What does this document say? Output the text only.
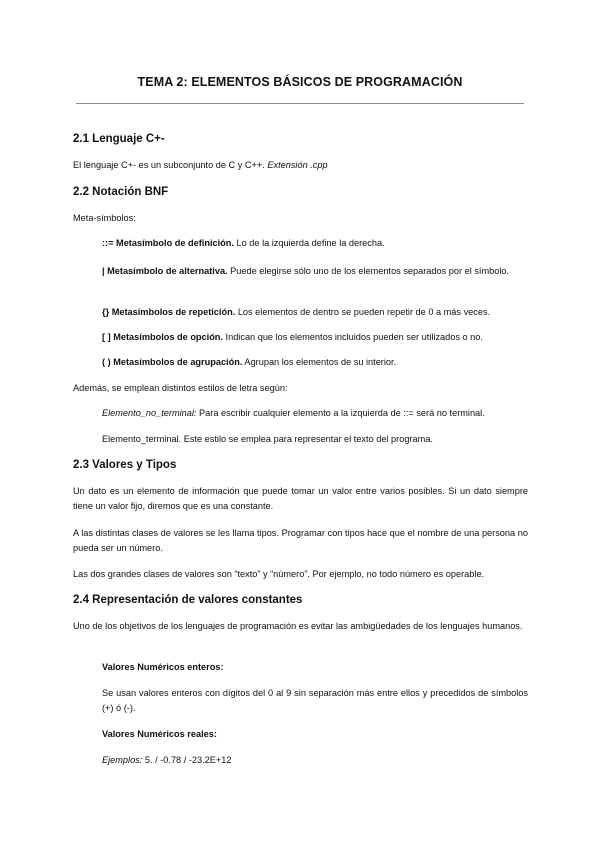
TEMA 2: ELEMENTOS BÁSICOS DE PROGRAMACIÓN
2.1 Lenguaje C+-
El lenguaje C+- es un subconjunto de C y C++. Extensión .cpp
2.2 Notación BNF
Meta-símbolos:
::= Metasímbolo de definición. Lo de la izquierda define la derecha.
| Metasímbolo de alternativa. Puede elegirse sólo uno de los elementos separados por el símbolo.
{} Metasímbolos de repetición. Los elementos de dentro se pueden repetir de 0 a más veces.
[ ] Metasímbolos de opción. Indican que los elementos incluidos pueden ser utilizados o no.
( ) Metasímbolos de agrupación. Agrupan los elementos de su interior.
Además, se emplean distintos estilos de letra según:
Elemento_no_terminal: Para escribir cualquier elemento a la izquierda de ::= será no terminal.
Elemento_terminal. Este estilo se emplea para representar el texto del programa.
2.3 Valores y Tipos
Un dato es un elemento de información que puede tomar un valor entre varios posibles. Si un dato siempre tiene un valor fijo, diremos que es una constante.
A las distintas clases de valores se les llama tipos. Programar con tipos hace que el nombre de una persona no pueda ser un número.
Las dos grandes clases de valores son “texto” y “número”. Por ejemplo, no todo número es operable.
2.4 Representación de valores constantes
Uno de los objetivos de los lenguajes de programación es evitar las ambigüedades de los lenguajes humanos.
Valores Numéricos enteros:
Se usan valores enteros con dígitos del 0 al 9 sin separación más entre ellos y precedidos de símbolos (+) ó (-).
Valores Numéricos reales:
Ejemplos: 5. / -0.78 / -23.2E+12
